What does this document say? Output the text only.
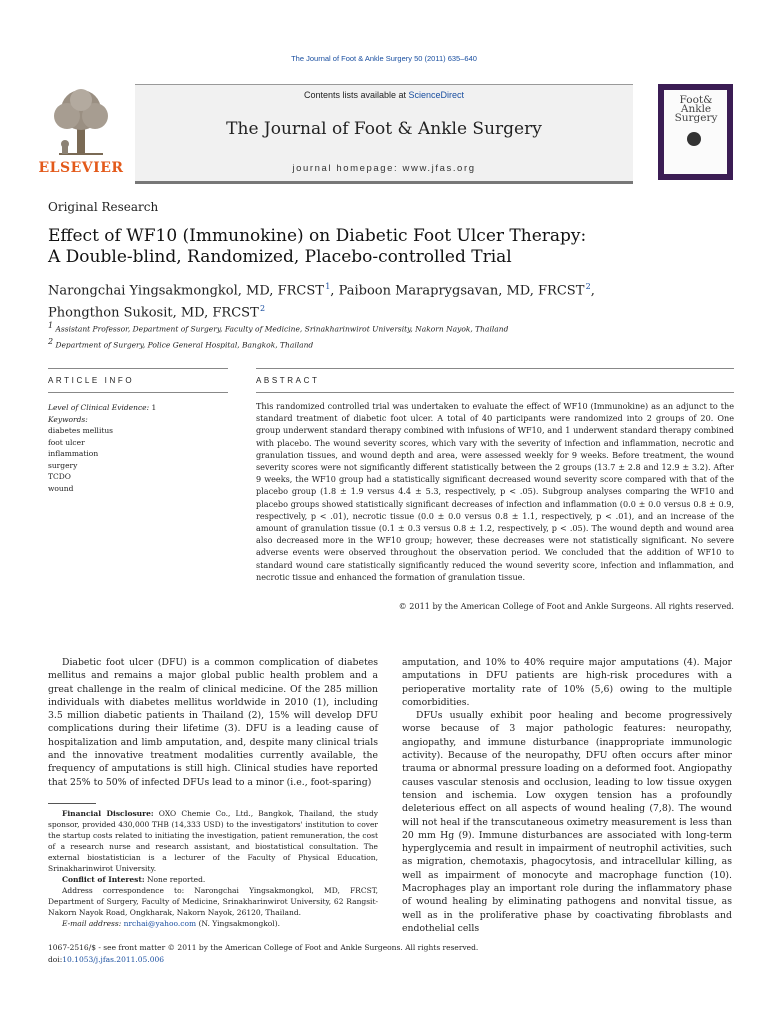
The Journal of Foot & Ankle Surgery 50 (2011) 635–640
ELSEVIER
Contents lists available at ScienceDirect
The Journal of Foot & Ankle Surgery
journal homepage: www.jfas.org
Foot&
Ankle
Surgery
Original Research
Effect of WF10 (Immunokine) on Diabetic Foot Ulcer Therapy:
A Double-blind, Randomized, Placebo-controlled Trial
Narongchai Yingsakmongkol, MD, FRCST $^1$, Paiboon Maraprygsavan, MD, FRCST $^2$,
Phongthon Sukosit, MD, FRCST $^2$
$^1$ Assistant Professor, Department of Surgery, Faculty of Medicine, Srinakharinwirot University, Nakorn Nayok, Thailand
$^2$ Department of Surgery, Police General Hospital, Bangkok, Thailand
ARTICLE INFO	ABSTRACT
Level of Clinical Evidence: 1
Keywords:
diabetes mellitus
foot ulcer
inflammation
surgery
TCDO
wound
This randomized controlled trial was undertaken to evaluate the effect of WF10 (Immunokine) as an adjunct to the standard treatment of diabetic foot ulcer. A total of 40 participants were randomized into 2 groups of 20. One group underwent standard therapy combined with infusions of WF10, and 1 underwent standard therapy combined with placebo. The wound severity scores, which vary with the severity of infection and inflammation, necrotic and granulation tissues, and wound depth and area, were assessed weekly for 9 weeks. Before treatment, the wound severity scores were not significantly different statistically between the 2 groups (13.7 ± 2.8 and 12.9 ± 3.2). After 9 weeks, the WF10 group had a statistically significant decreased wound severity score compared with that of the placebo group (1.8 ± 1.9 versus 4.4 ± 5.3, respectively, p < .05). Subgroup analyses comparing the WF10 and placebo groups showed statistically significant decreases of infection and inflammation (0.0 ± 0.0 versus 0.8 ± 0.9, respectively, p < .01), necrotic tissue (0.0 ± 0.0 versus 0.8 ± 1.1, respectively, p < .01), and an increase of the amount of granulation tissue (0.1 ± 0.3 versus 0.8 ± 1.2, respectively, p < .05). The wound depth and wound area also decreased more in the WF10 group; however, these decreases were not statistically significant. No severe adverse events were observed throughout the observation period. We concluded that the addition of WF10 to standard wound care statistically significantly reduced the wound severity score, infection and inflammation, and necrotic tissue and enhanced the formation of granulation tissue.
© 2011 by the American College of Foot and Ankle Surgeons. All rights reserved.

Diabetic foot ulcer (DFU) is a common complication of diabetes mellitus and remains a major global public health problem and a great challenge in the realm of clinical medicine. Of the 285 million individuals with diabetes mellitus worldwide in 2010 (1), including 3.5 million diabetic patients in Thailand (2), 15% will develop DFU complications during their lifetime (3). DFU is a leading cause of hospitalization and limb amputation, and, despite many clinical trials and the innovative treatment modalities currently available, the frequency of amputations is still high. Clinical studies have reported that 25% to 50% of infected DFUs lead to a minor (i.e., foot-sparing)

amputation, and 10% to 40% require major amputations (4). Major amputations in DFU patients are high-risk procedures with a perioperative mortality rate of 10% (5,6) owing to the multiple comorbidities.

DFUs usually exhibit poor healing and become progressively worse because of 3 major pathologic features: neuropathy, angiopathy, and immune disturbance (inappropriate immunologic activity). Because of the neuropathy, DFU often occurs after minor trauma or abnormal pressure loading on a deformed foot. Angiopathy causes vascular stenosis and occlusion, leading to low tissue oxygen tension and ischemia. Low oxygen tension has a profoundly deleterious effect on all aspects of wound healing (7,8). The wound will not heal if the transcutaneous oximetry measurement is less than 20 mm Hg (9). Immune disturbances are associated with long-term hyperglycemia and result in impairment of neutrophil activities, such as migration, chemotaxis, phagocytosis, and intracellular killing, as well as impairment of monocyte and macrophage function (10). Macrophages play an important role during the inflammatory phase of wound healing by eliminating pathogens and nonvital tissue, as well as in the proliferative phase by coactivating fibroblasts and endothelial cells

Financial Disclosure: OXO Chemie Co., Ltd., Bangkok, Thailand, the study sponsor, provided 430,000 THB (14,333 USD) to the investigators' institution to cover the startup costs related to initiating the investigation, patient remuneration, the cost of a research nurse and research assistant, and biostatistical consultation. The external biostatistician is a lecturer of the Faculty of Physical Education, Srinakharinwirot University.

Conflict of Interest: None reported.

Address correspondence to: Narongchai Yingsakmongkol, MD, FRCST, Department of Surgery, Faculty of Medicine, Srinakharinwirot University, 62 Rangsit-Nakorn Nayok Road, Ongkharak, Nakorn Nayok, 26120, Thailand.

E-mail address: nrchai@yahoo.com (N. Yingsakmongkol).

1067-2516/$ - see front matter © 2011 by the American College of Foot and Ankle Surgeons. All rights reserved.
doi:10.1053/j.jfas.2011.05.006
